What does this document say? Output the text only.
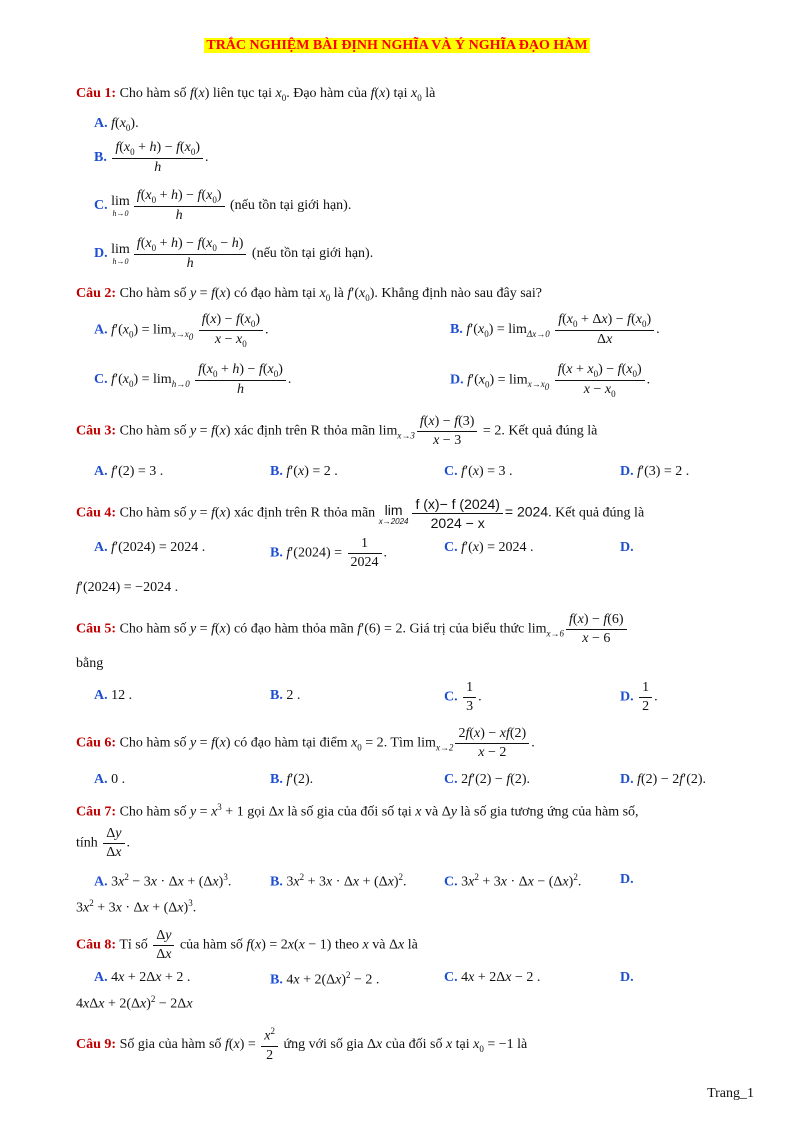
TRẮC NGHIỆM BÀI ĐỊNH NGHĨA VÀ Ý NGHĨA ĐẠO HÀM
Câu 1: Cho hàm số f(x) liên tục tại $x_0$. Đạo hàm của f(x) tại $x_0$ là
A. $f(x_0)$.
B. $\frac{f(x_0 + h) - f(x_0)}{h}$ .
C. lim
$h\to 0 \frac{f(x_0 + h) - f(x_0)}{h}$ (nếu tồn tại giới hạn).
D. lim
$h\to 0 \frac{f(x_0 + h) - f(x_0 - h)}{h}$ (nếu tồn tại giới hạn).
Câu 2: Cho hàm số y = f(x) có đạo hàm tại $x_0$ là $f'(x_0)$. Khẳng định nào sau đây sai?
A. $f'(x_0) = \lim_{x\to x_0} \frac{f(x) - f(x_0)}{x - x_0}$ .	B. $f'(x_0) = \lim_{\Delta x\to 0} \frac{f(x_0 + \Delta x) - f(x_0)}{\Delta x}$ .
C. $f'(x_0) = \lim_{h\to 0} \frac{f(x_0 + h) - f(x_0)}{h}$ .	D. $f'(x_0) = \lim_{x\to x_0} \frac{f(x + x_0) - f(x_0)}{x - x_0}$ .
Câu 3: Cho hàm số y = f(x) xác định trên R thỏa mãn $\lim_{x\to 3} \frac{f(x) - f(3)}{x - 3} = 2$. Kết quả đúng là
A. f′(2) = 3 .	B. f′(x) = 2 .	C. f′(x) = 3 .	D. f′(3) = 2 .
Câu 4: Cho hàm số y = f(x) xác định trên R thỏa mãn lim
$x\to 2024 \frac{f (x)- f (2024)}{2024 - x} = 2024$. Kết quả đúng là
A. f′(2024) = 2024 .	B. $f'(2024) = \frac{1}{2024}$ .	C. f′(x) = 2024 .	D.
f′(2024) = −2024 .
Câu 5: Cho hàm số y = f(x) có đạo hàm thỏa mãn f′(6) = 2. Giá trị của biểu thức $\lim_{x\to 6} \frac{f(x) - f(6)}{x - 6}$
bằng
A. 12 .	B. 2 .	C. $\frac{1}{3}$ .	D. $\frac{1}{2}$ .
Câu 6: Cho hàm số y = f(x) có đạo hàm tại điểm $x_0 = 2$. Tìm $\lim_{x\to 2} \frac{2f(x) - xf(2)}{x - 2}$ .
A. 0 .	B. f′(2).	C. 2f′(2) − f(2).	D. f(2) − 2f′(2).
Câu 7: Cho hàm số $y = x^3 + 1$ gọi Δx là số gia của đối số tại x và Δy là số gia tương ứng của hàm số,
tính $\frac{\Delta y}{\Delta x}$ .
A. $3x^2 - 3x \cdot \Delta x + (\Delta x)^3$.	B. $3x^2 + 3x \cdot \Delta x + (\Delta x)^2$.	C. $3x^2 + 3x \cdot \Delta x - (\Delta x)^2$.	D.
$3x^2 + 3x \cdot \Delta x + (\Delta x)^3$.
Câu 8: Tỉ số $\frac{\Delta y}{\Delta x}$ của hàm số f(x) = 2x(x − 1) theo x và Δx là
A. 4x + 2Δx + 2 .	B. $4x + 2(\Delta x)^2 - 2$ .	C. 4x + 2Δx − 2 .	D.
$4x\Delta x + 2(\Delta x)^2 - 2\Delta x$
Câu 9: Số gia của hàm số $f(x) = \frac{x^2}{2}$ ứng với số gia Δx của đối số x tại $x_0 = -1$ là
Trang_1
